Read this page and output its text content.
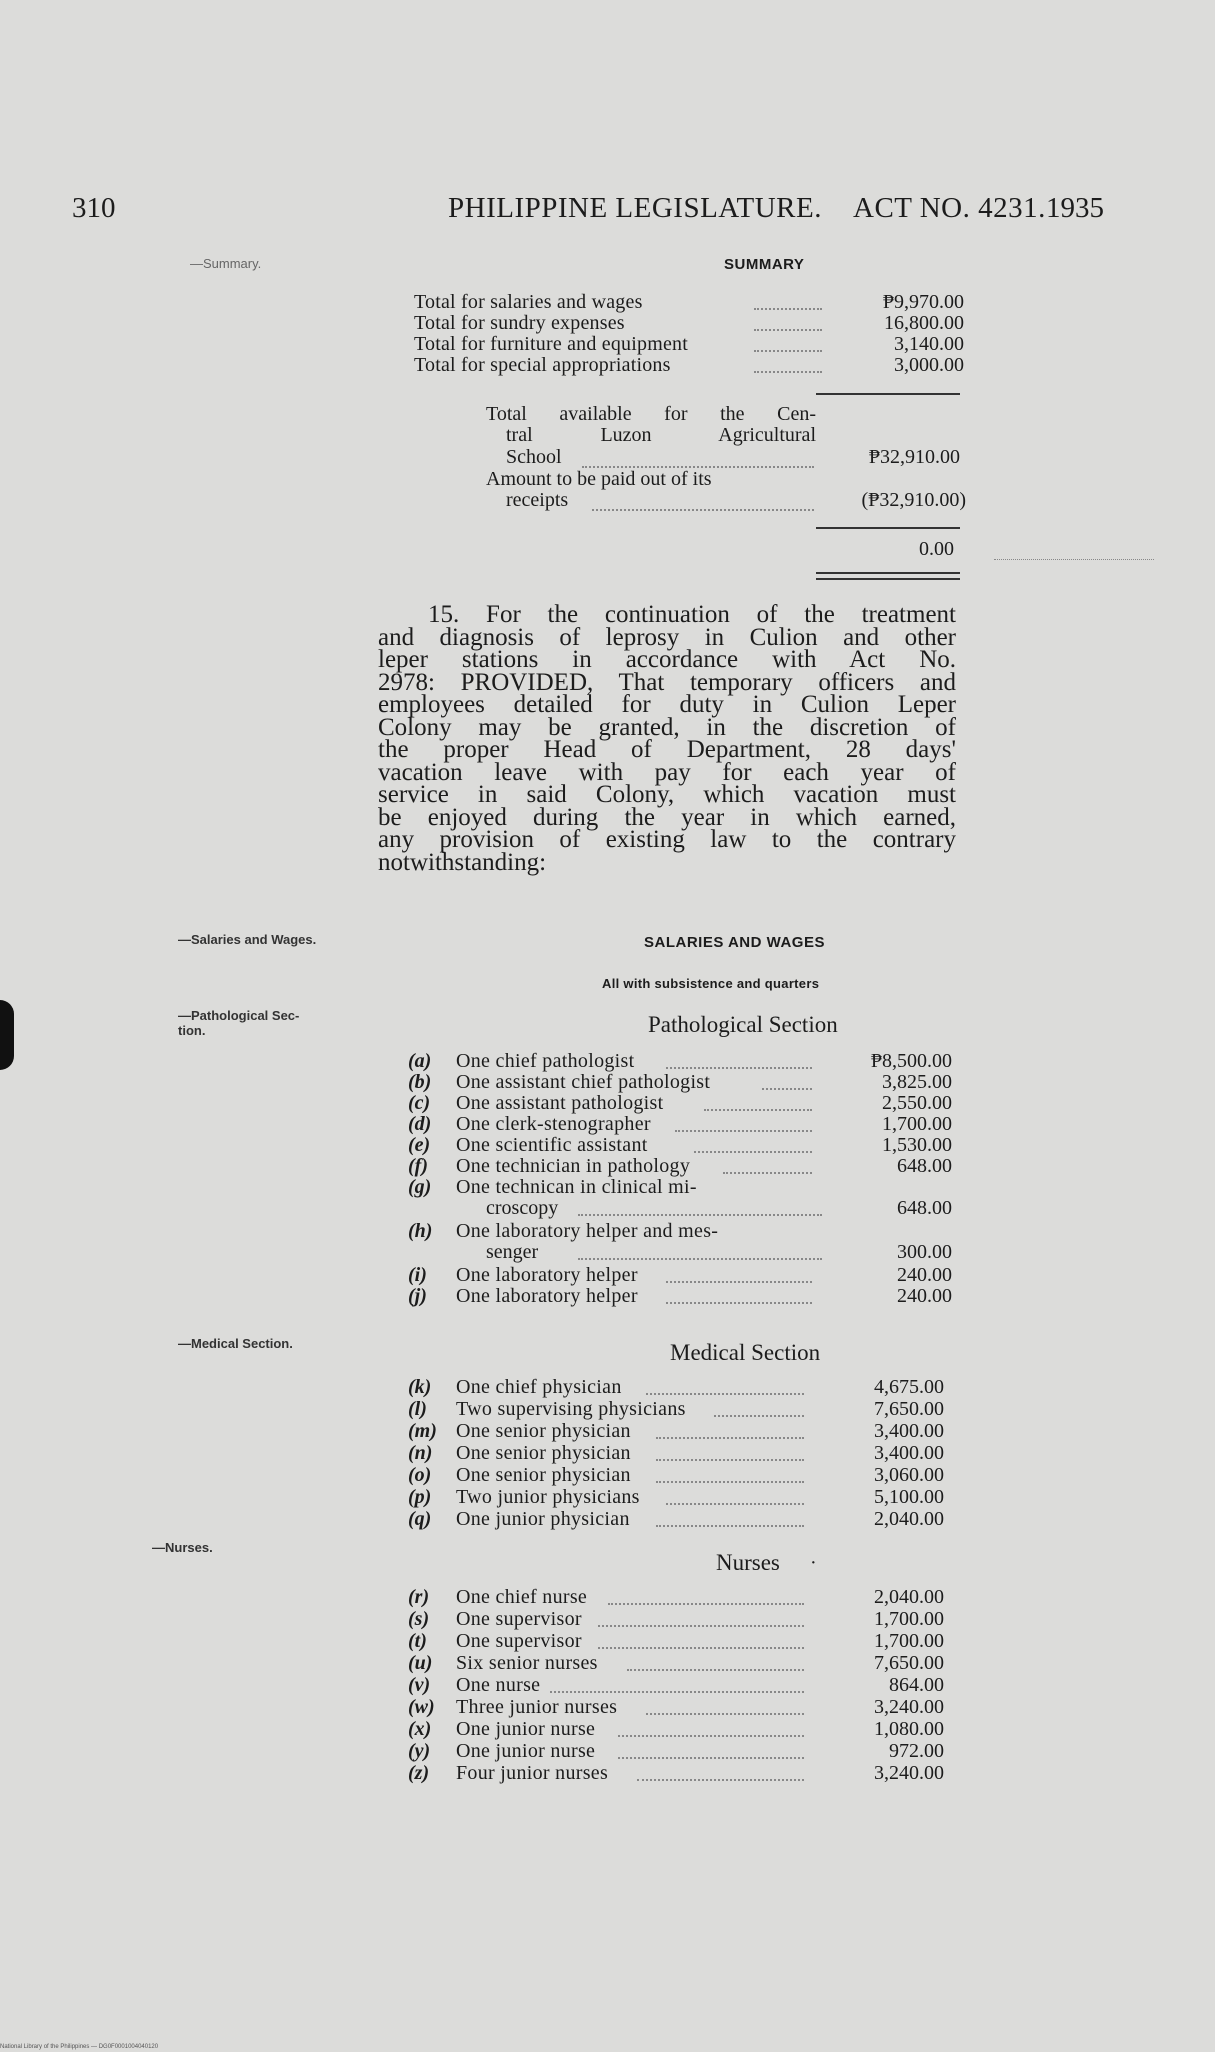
310	PHILIPPINE LEGISLATURE. ACT NO. 4231. 1935
—Summary.
—Salaries and Wages.
—Pathological Sec-
tion.
—Medical Section.
—Nurses.
SUMMARY
Total for salaries and wages	₱9,970.00
Total for sundry expenses	16,800.00
Total for furniture and equipment	3,140.00
Total for special appropriations	3,000.00
Total available for the Cen-
tral Luzon Agricultural
School	₱32,910.00
Amount to be paid out of its
receipts	(₱32,910.00)
0.00
15. For the continuation of the treatment
and diagnosis of leprosy in Culion and other
leper stations in accordance with Act No.
2978: PROVIDED, That temporary officers and
employees detailed for duty in Culion Leper
Colony may be granted, in the discretion of
the proper Head of Department, 28 days'
vacation leave with pay for each year of
service in said Colony, which vacation must
be enjoyed during the year in which earned,
any provision of existing law to the contrary
notwithstanding:
SALARIES AND WAGES
All with subsistence and quarters
Pathological Section
(a) One chief pathologist	₱8,500.00
(b) One assistant chief pathologist	3,825.00
(c) One assistant pathologist	2,550.00
(d) One clerk-stenographer	1,700.00
(e) One scientific assistant	1,530.00
(f) One technician in pathology	648.00
(g) One technican in clinical mi-
croscopy	648.00
(h) One laboratory helper and mes-
senger	300.00
(i) One laboratory helper	240.00
(j) One laboratory helper	240.00
Medical Section
(k) One chief physician	4,675.00
(l) Two supervising physicians	7,650.00
(m) One senior physician	3,400.00
(n) One senior physician	3,400.00
(o) One senior physician	3,060.00
(p) Two junior physicians	5,100.00
(q) One junior physician	2,040.00
Nurses ·
(r) One chief nurse	2,040.00
(s) One supervisor	1,700.00
(t) One supervisor	1,700.00
(u) Six senior nurses	7,650.00
(v) One nurse	864.00
(w) Three junior nurses	3,240.00
(x) One junior nurse	1,080.00
(y) One junior nurse	972.00
(z) Four junior nurses	3,240.00
National Library of the Philippines — DG0F0001004040120
